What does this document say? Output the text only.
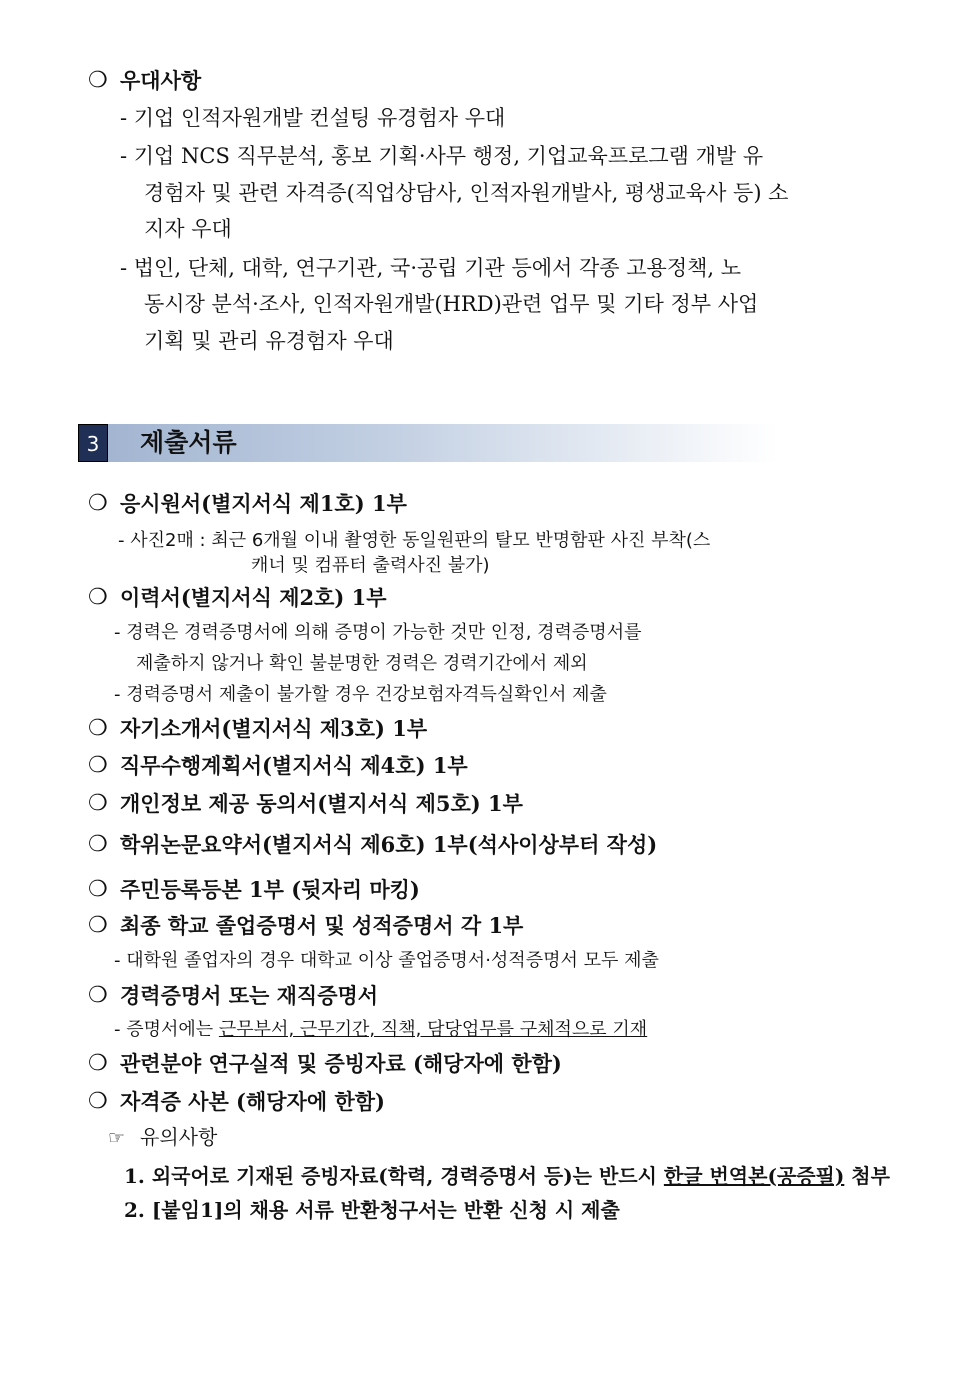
❍ 우대사항
- 기업 인적자원개발 컨설팅 유경험자 우대
- 기업 NCS 직무분석, 홍보 기획·사무 행정, 기업교육프로그램 개발 유
경험자 및 관련 자격증(직업상담사, 인적자원개발사, 평생교육사 등) 소
지자 우대
- 법인, 단체, 대학, 연구기관, 국·공립 기관 등에서 각종 고용정책, 노
동시장 분석·조사, 인적자원개발(HRD)관련 업무 및 기타 정부 사업
기획 및 관리 유경험자 우대
3	제출서류
❍ 응시원서(별지서식 제1호) 1부
- 사진2매 : 최근 6개월 이내 촬영한 동일원판의 탈모 반명함판 사진 부착(스
캐너 및 컴퓨터 출력사진 불가)
❍ 이력서(별지서식 제2호) 1부
- 경력은 경력증명서에 의해 증명이 가능한 것만 인정, 경력증명서를
제출하지 않거나 확인 불분명한 경력은 경력기간에서 제외
- 경력증명서 제출이 불가할 경우 건강보험자격득실확인서 제출
❍ 자기소개서(별지서식 제3호) 1부
❍ 직무수행계획서(별지서식 제4호) 1부
❍ 개인정보 제공 동의서(별지서식 제5호) 1부
❍ 학위논문요약서(별지서식 제6호) 1부(석사이상부터 작성)
❍ 주민등록등본 1부 (뒷자리 마킹)
❍ 최종 학교 졸업증명서 및 성적증명서 각 1부
- 대학원 졸업자의 경우 대학교 이상 졸업증명서·성적증명서 모두 제출
❍ 경력증명서 또는 재직증명서
- 증명서에는 근무부서, 근무기간, 직책, 담당업무를 구체적으로 기재
❍ 관련분야 연구실적 및 증빙자료 (해당자에 한함)
❍ 자격증 사본 (해당자에 한함)
☞ 유의사항
1. 외국어로 기재된 증빙자료(학력, 경력증명서 등)는 반드시 한글 번역본(공증필) 첨부
2. [붙임1]의 채용 서류 반환청구서는 반환 신청 시 제출
